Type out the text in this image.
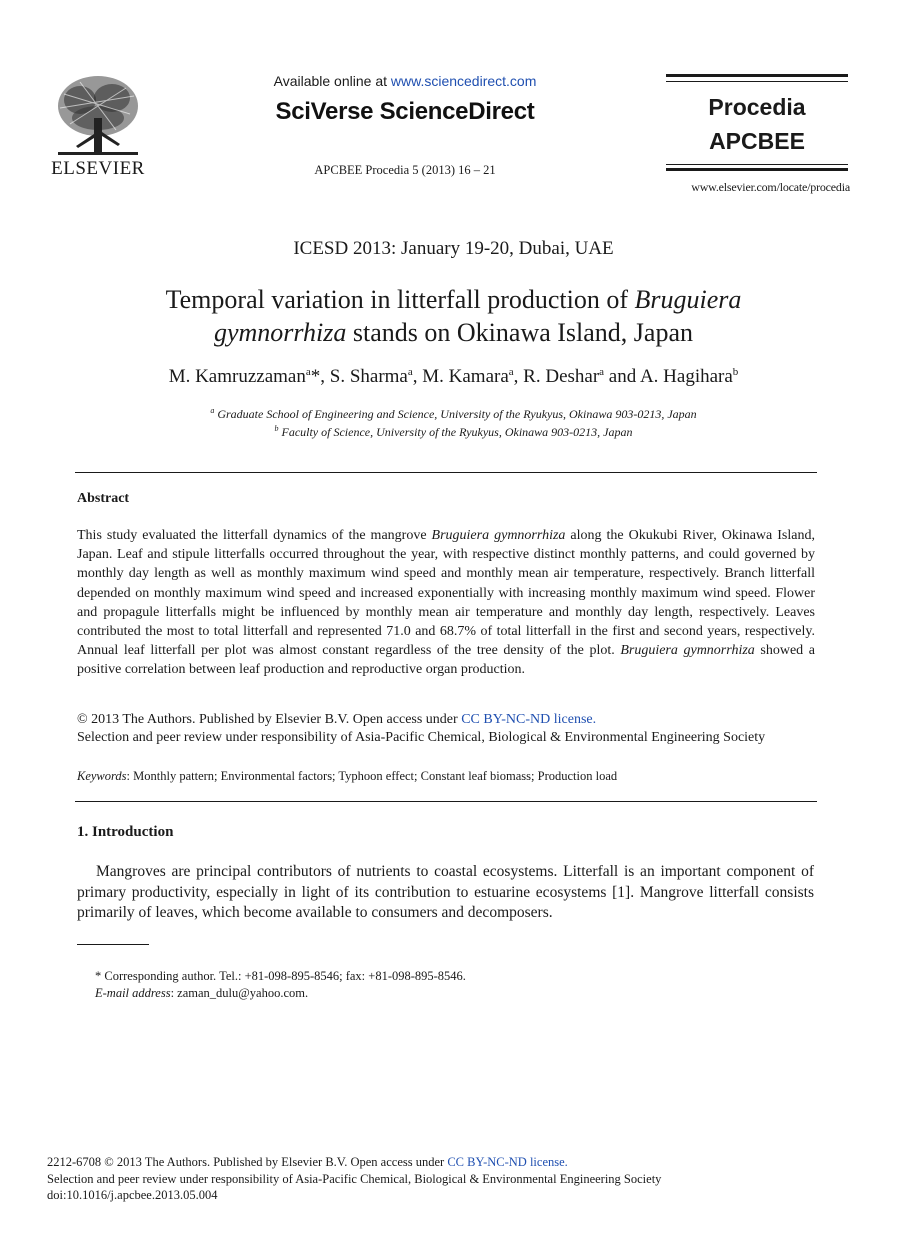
ELSEVIER
Available online at www.sciencedirect.com
SciVerse ScienceDirect
APCBEE Procedia 5 (2013) 16 – 21
Procedia
APCBEE
www.elsevier.com/locate/procedia
ICESD 2013: January 19-20, Dubai, UAE
Temporal variation in litterfall production of Bruguiera
gymnorrhiza stands on Okinawa Island, Japan
M. Kamruzzaman$^a$*, S. Sharma$^a$, M. Kamara$^a$, R. Deshar$^a$ and A. Hagihara$^b$
$^a$ Graduate School of Engineering and Science, University of the Ryukyus, Okinawa 903-0213, Japan
$^b$ Faculty of Science, University of the Ryukyus, Okinawa 903-0213, Japan
Abstract
This study evaluated the litterfall dynamics of the mangrove Bruguiera gymnorrhiza along the Okukubi River, Okinawa Island, Japan. Leaf and stipule litterfalls occurred throughout the year, with respective distinct monthly patterns, and could governed by monthly day length as well as monthly maximum wind speed and monthly mean air temperature, respectively. Branch litterfall depended on monthly maximum wind speed and increased exponentially with increasing monthly maximum wind speed. Flower and propagule litterfalls might be influenced by monthly mean air temperature and monthly day length, respectively. Leaves contributed the most to total litterfall and represented 71.0 and 68.7% of total litterfall in the first and second years, respectively. Annual leaf litterfall per plot was almost constant regardless of the tree density of the plot. Bruguiera gymnorrhiza showed a positive correlation between leaf production and reproductive organ production.
© 2013 The Authors. Published by Elsevier B.V. Open access under CC BY-NC-ND license.
Selection and peer review under responsibility of Asia-Pacific Chemical, Biological & Environmental Engineering Society
Keywords: Monthly pattern; Environmental factors; Typhoon effect; Constant leaf biomass; Production load
1. Introduction
Mangroves are principal contributors of nutrients to coastal ecosystems. Litterfall is an important component of primary productivity, especially in light of its contribution to estuarine ecosystems [1]. Mangrove litterfall consists primarily of leaves, which become available to consumers and decomposers.
* Corresponding author. Tel.: +81-098-895-8546; fax: +81-098-895-8546.
E-mail address: zaman_dulu@yahoo.com.
2212-6708 © 2013 The Authors. Published by Elsevier B.V. Open access under CC BY-NC-ND license.
Selection and peer review under responsibility of Asia-Pacific Chemical, Biological & Environmental Engineering Society
doi:10.1016/j.apcbee.2013.05.004
